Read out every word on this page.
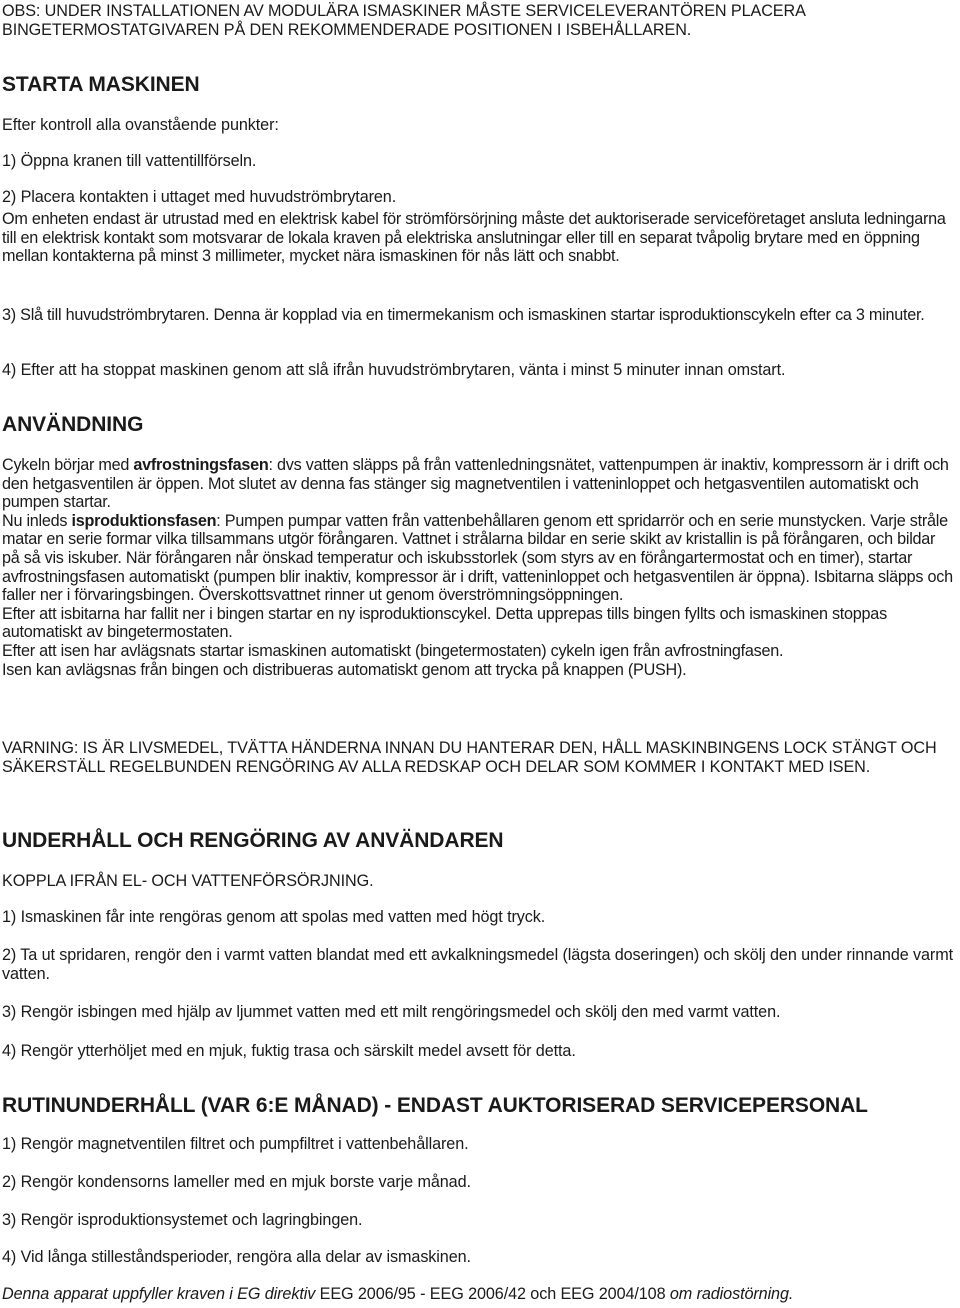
OBS: UNDER INSTALLATIONEN AV MODULÄRA ISMASKINER MÅSTE SERVICELEVERANTÖREN PLACERA BINGETERMOSTATGIVAREN PÅ DEN REKOMMENDERADE POSITIONEN I ISBEHÅLLAREN.

STARTA MASKINEN

Efter kontroll alla ovanstående punkter:

1) Öppna kranen till vattentillförseln.

2) Placera kontakten i uttaget med huvudströmbrytaren.

Om enheten endast är utrustad med en elektrisk kabel för strömförsörjning måste det auktoriserade serviceföretaget ansluta ledningarna till en elektrisk kontakt som motsvarar de lokala kraven på elektriska anslutningar eller till en separat tvåpolig brytare med en öppning mellan kontakterna på minst 3 millimeter, mycket nära ismaskinen för nås lätt och snabbt.

3) Slå till huvudströmbrytaren. Denna är kopplad via en timermekanism och ismaskinen startar isproduktionscykeln efter ca 3 minuter.

4) Efter att ha stoppat maskinen genom att slå ifrån huvudströmbrytaren, vänta i minst 5 minuter innan omstart.

ANVÄNDNING
Cykeln börjar med avfrostningsfasen: dvs vatten släpps på från vattenledningsnätet, vattenpumpen är inaktiv, kompressorn är i drift och den hetgasventilen är öppen. Mot slutet av denna fas stänger sig magnetventilen i vatteninloppet och hetgasventilen automatiskt och pumpen startar.
Nu inleds isproduktionsfasen: Pumpen pumpar vatten från vattenbehållaren genom ett spridarrör och en serie munstycken. Varje stråle matar en serie formar vilka tillsammans utgör förångaren. Vattnet i strålarna bildar en serie skikt av kristallin is på förångaren, och bildar på så vis iskuber. När förångaren når önskad temperatur och iskubsstorlek (som styrs av en förångartermostat och en timer), startar avfrostningsfasen automatiskt (pumpen blir inaktiv, kompressor är i drift, vatteninloppet och hetgasventilen är öppna). Isbitarna släpps och faller ner i förvaringsbingen. Överskottsvattnet rinner ut genom överströmningsöppningen.
Efter att isbitarna har fallit ner i bingen startar en ny isproduktionscykel. Detta upprepas tills bingen fyllts och ismaskinen stoppas automatiskt av bingetermostaten.
Efter att isen har avlägsnats startar ismaskinen automatiskt (bingetermostaten) cykeln igen från avfrostningfasen.
Isen kan avlägsnas från bingen och distribueras automatiskt genom att trycka på knappen (PUSH).

VARNING: IS ÄR LIVSMEDEL, TVÄTTA HÄNDERNA INNAN DU HANTERAR DEN, HÅLL MASKINBINGENS LOCK STÄNGT OCH SÄKERSTÄLL REGELBUNDEN RENGÖRING AV ALLA REDSKAP OCH DELAR SOM KOMMER I KONTAKT MED ISEN.

UNDERHÅLL OCH RENGÖRING AV ANVÄNDAREN

KOPPLA IFRÅN EL- OCH VATTENFÖRSÖRJNING.

1) Ismaskinen får inte rengöras genom att spolas med vatten med högt tryck.

2) Ta ut spridaren, rengör den i varmt vatten blandat med ett avkalkningsmedel (lägsta doseringen) och skölj den under rinnande varmt vatten.

3) Rengör isbingen med hjälp av ljummet vatten med ett milt rengöringsmedel och skölj den med varmt vatten.

4) Rengör ytterhöljet med en mjuk, fuktig trasa och särskilt medel avsett för detta.

RUTINUNDERHÅLL (VAR 6:E MÅNAD) - ENDAST AUKTORISERAD SERVICEPERSONAL

1) Rengör magnetventilen filtret och pumpfiltret i vattenbehållaren.

2) Rengör kondensorns lameller med en mjuk borste varje månad.

3) Rengör isproduktionsystemet och lagringbingen.

4) Vid långa stilleståndsperioder, rengöra alla delar av ismaskinen.

Denna apparat uppfyller kraven i EG direktiv EEG 2006/95 - EEG 2006/42 och EEG 2004/108 om radiostörning.
